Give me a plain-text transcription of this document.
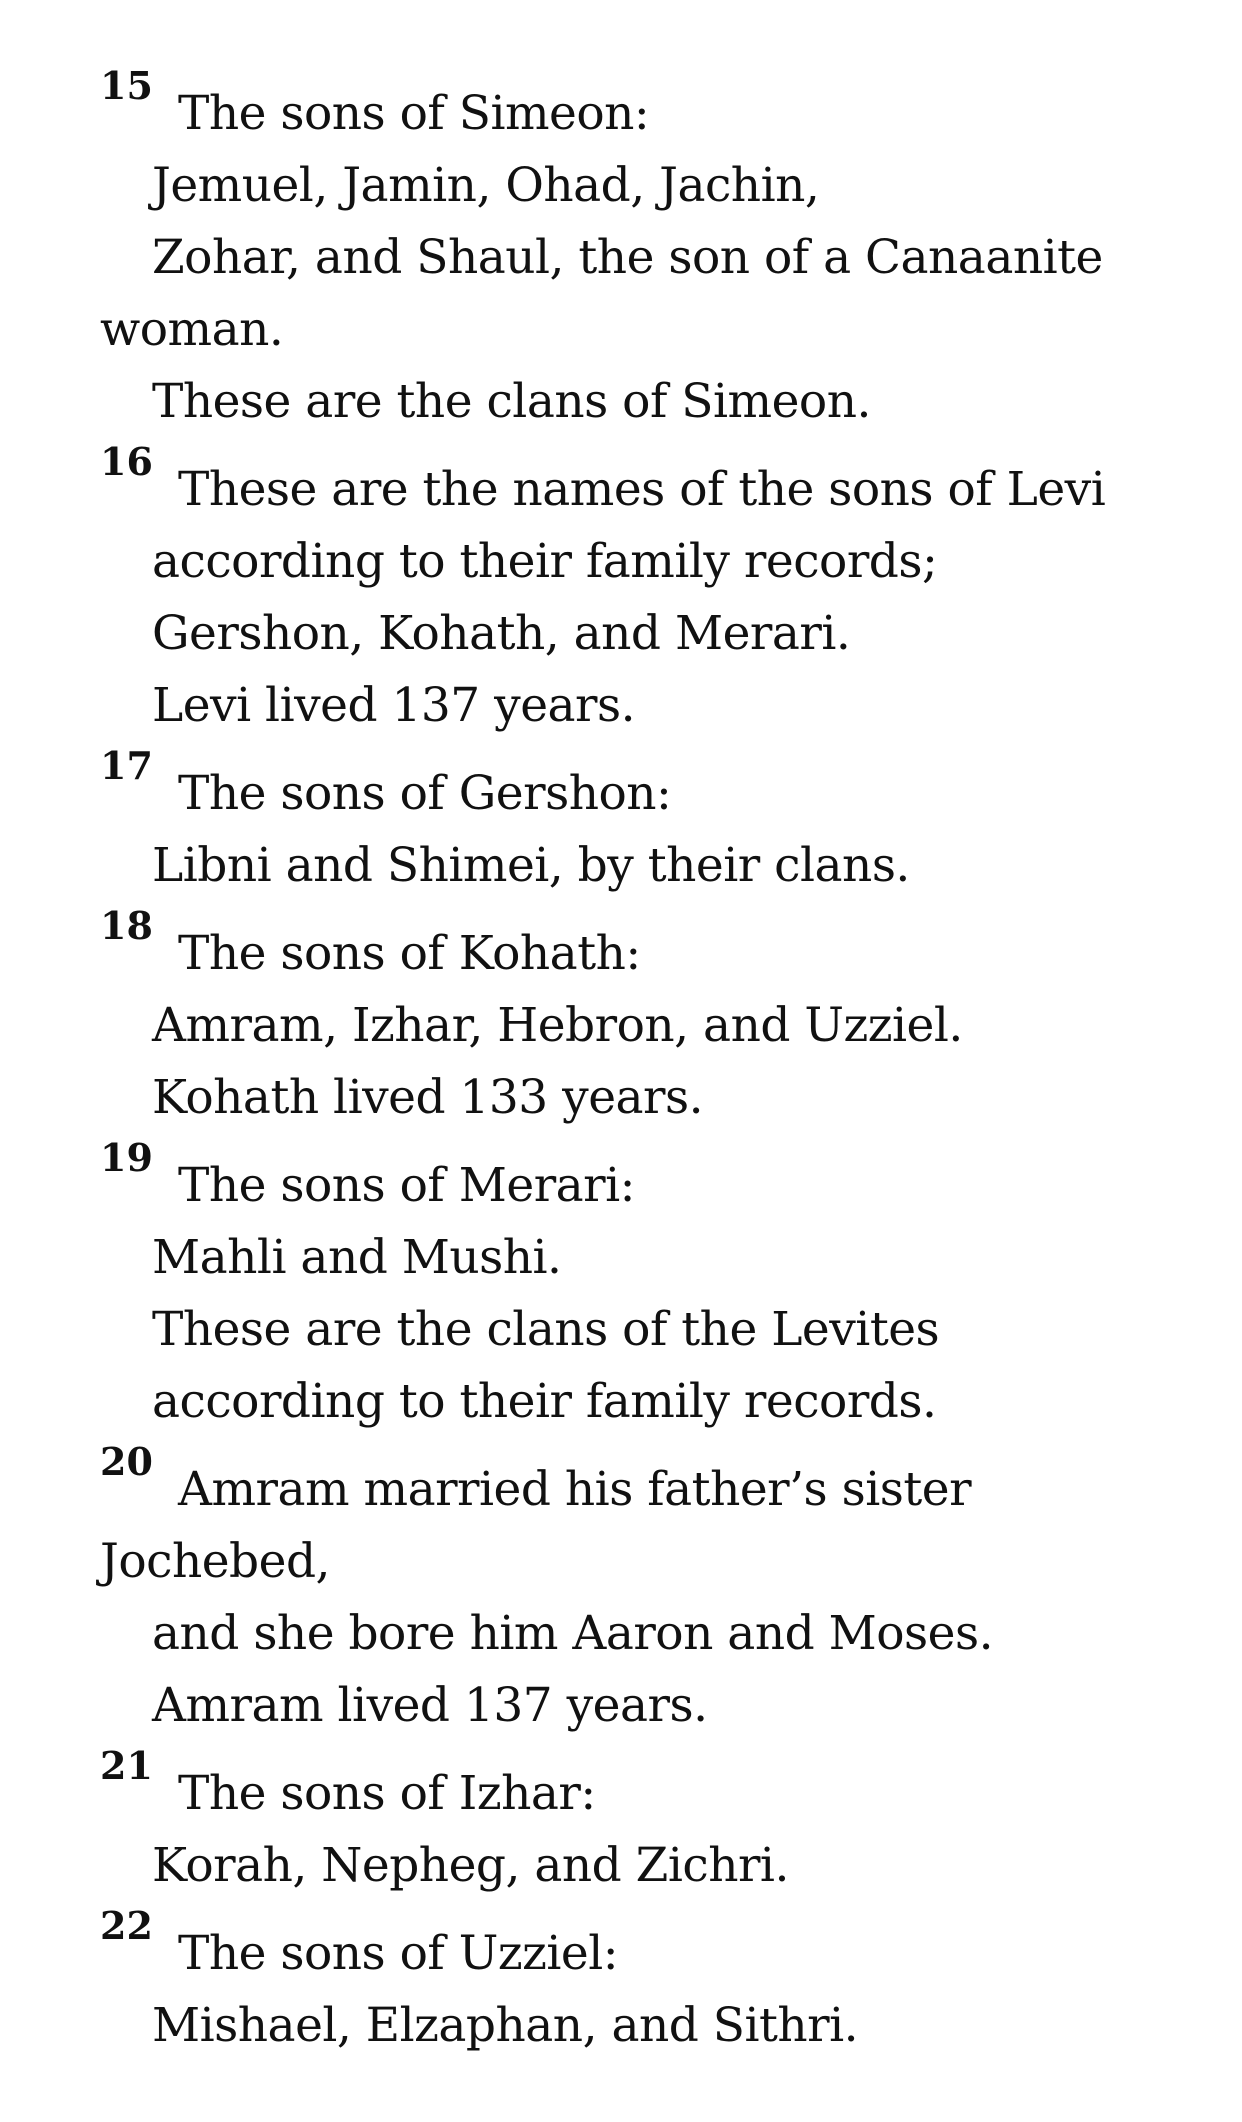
15
The sons of Simeon:
Jemuel, Jamin, Ohad, Jachin,
Zohar, and Shaul, the son of a Canaanite
woman.
These are the clans of Simeon.
16
These are the names of the sons of Levi
according to their family records;
Gershon, Kohath, and Merari.
Levi lived 137 years.
17
The sons of Gershon:
Libni and Shimei, by their clans.
18
The sons of Kohath:
Amram, Izhar, Hebron, and Uzziel.
Kohath lived 133 years.
19
The sons of Merari:
Mahli and Mushi.
These are the clans of the Levites
according to their family records.
20
Amram married his father’s sister
Jochebed,
and she bore him Aaron and Moses.
Amram lived 137 years.
21
The sons of Izhar:
Korah, Nepheg, and Zichri.
22
The sons of Uzziel:
Mishael, Elzaphan, and Sithri.
